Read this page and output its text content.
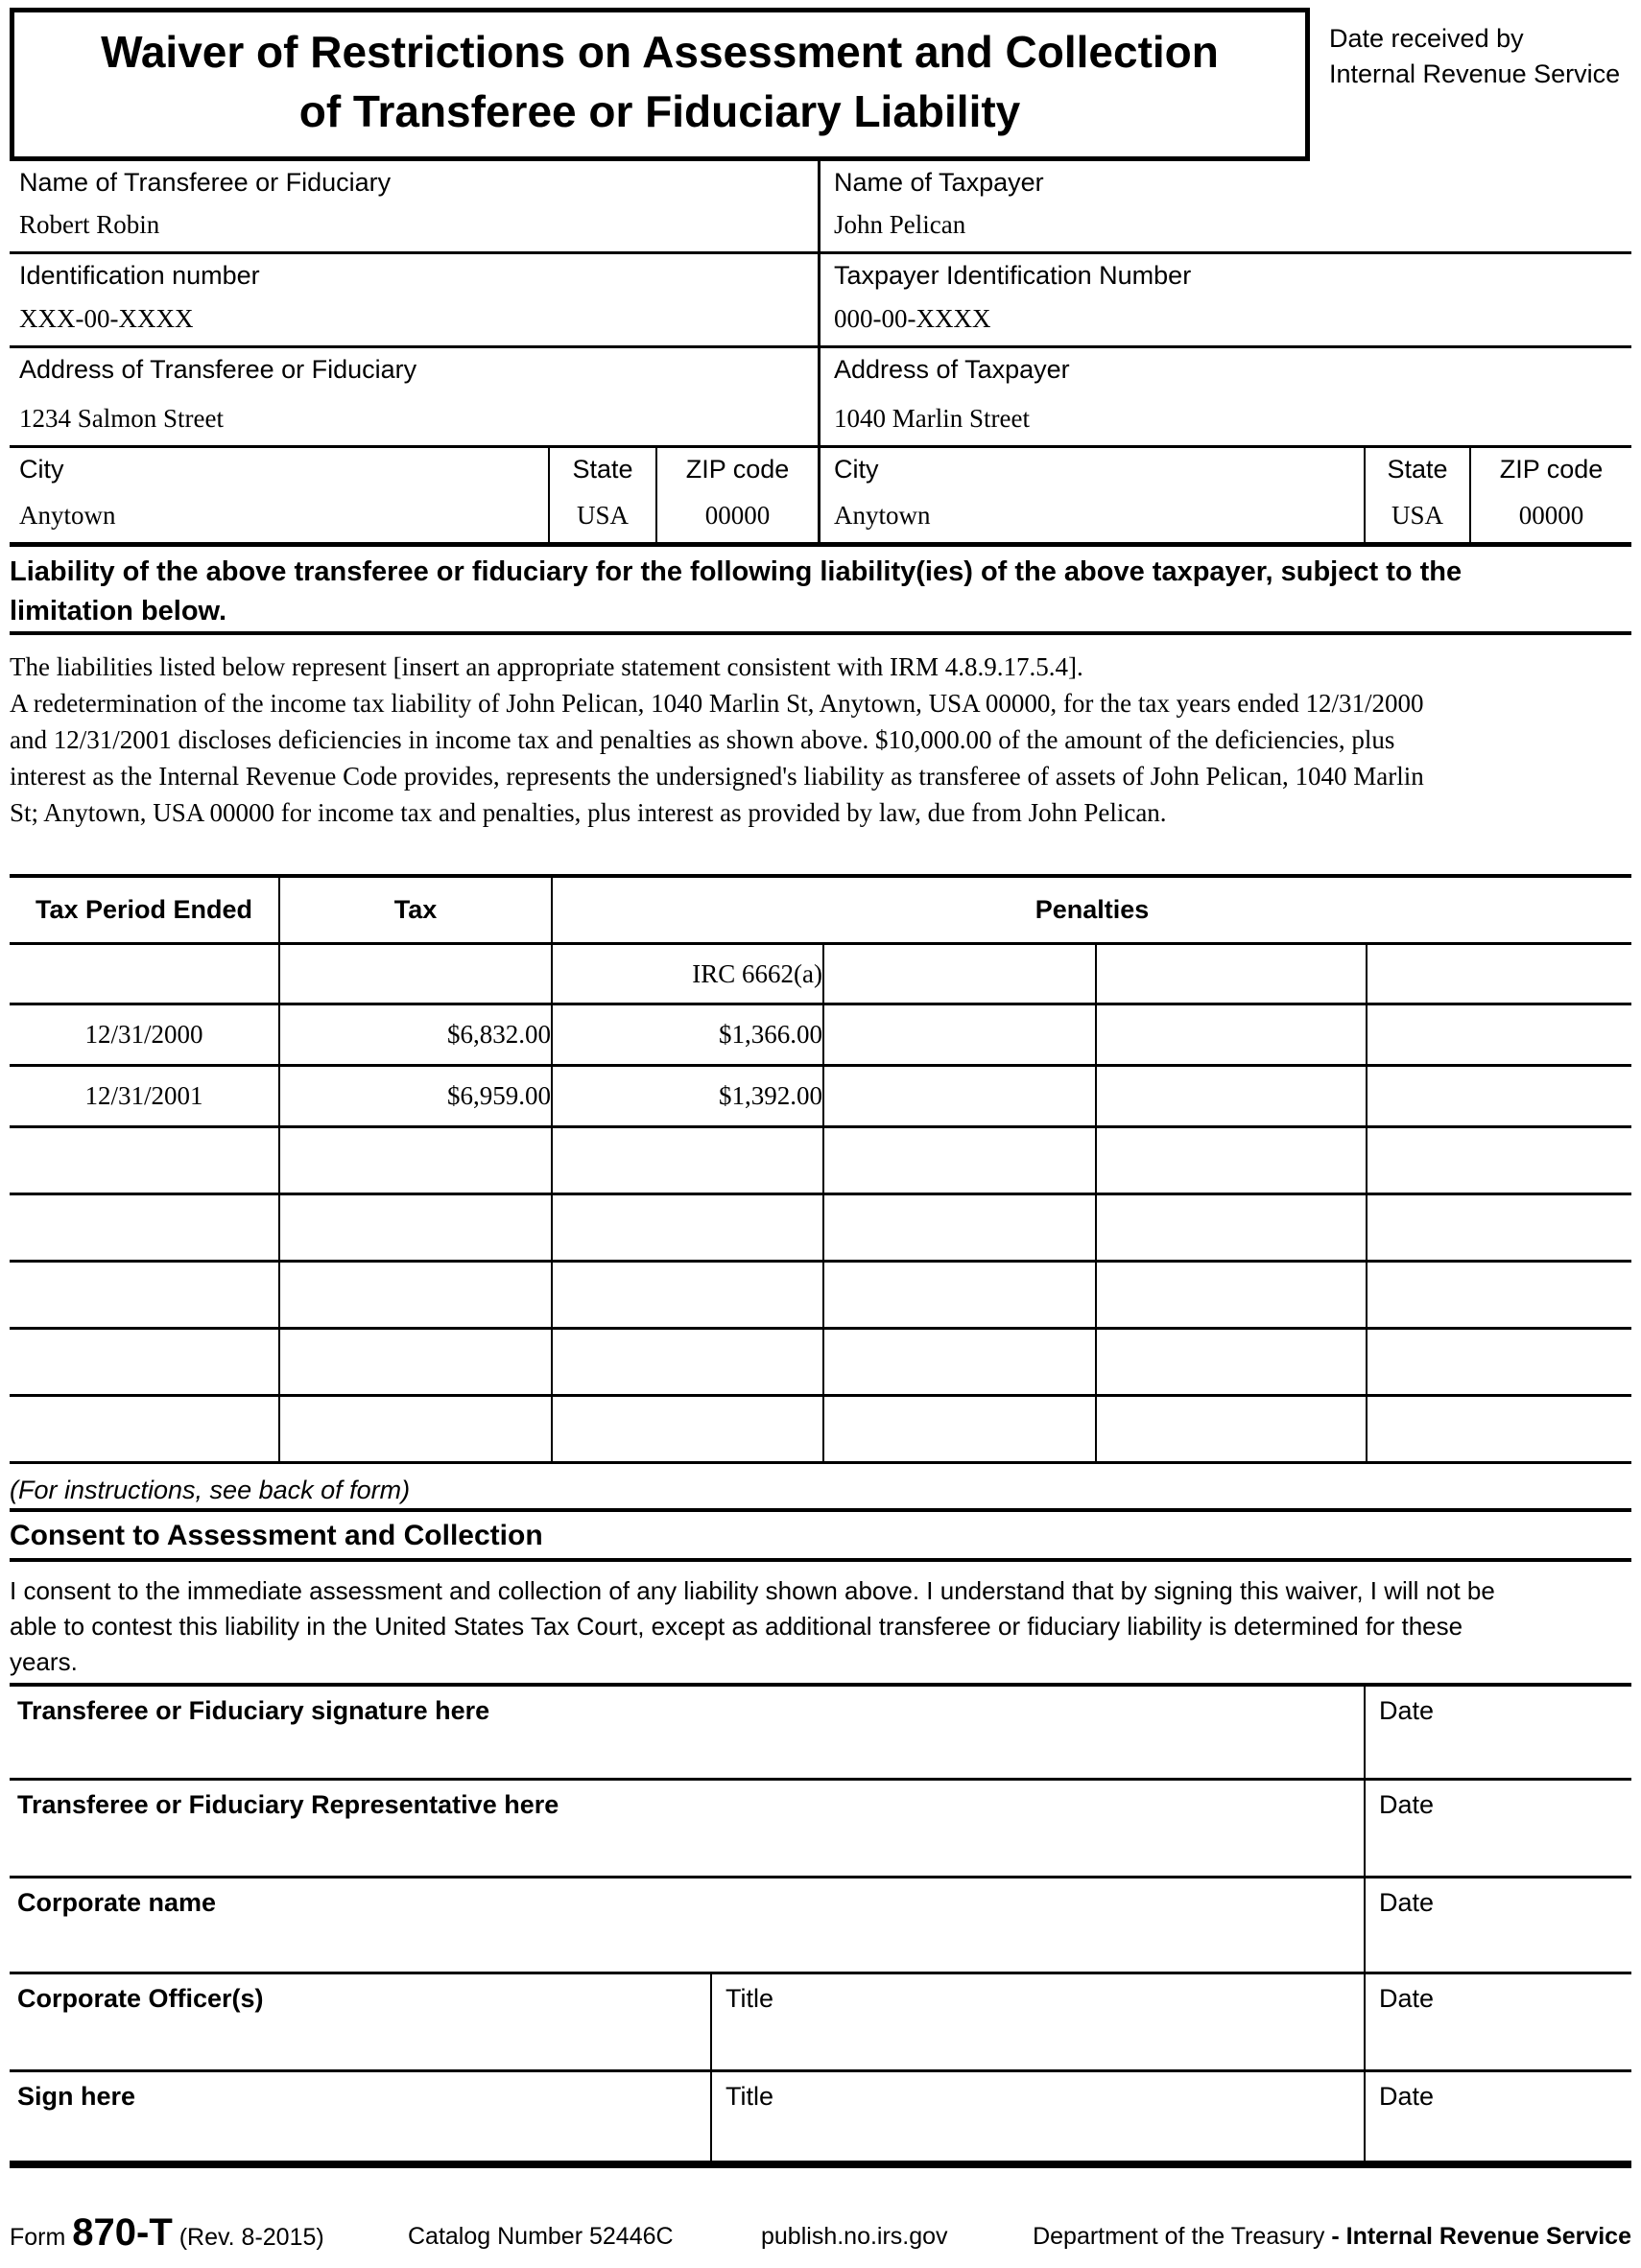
Waiver of Restrictions on Assessment and Collection
of Transferee or Fiduciary Liability
Date received by
Internal Revenue Service
Name of Transferee or Fiduciary
Robert Robin
Name of Taxpayer
John Pelican
Identification number
XXX-00-XXXX
Taxpayer Identification Number
000-00-XXXX
Address of Transferee or Fiduciary
1234 Salmon Street
Address of Taxpayer
1040 Marlin Street
City
Anytown
State
USA
ZIP code
00000
City
Anytown
State
USA
ZIP code
00000
Liability of the above transferee or fiduciary for the following liability(ies) of the above taxpayer, subject to the
limitation below.
The liabilities listed below represent [insert an appropriate statement consistent with IRM 4.8.9.17.5.4].
A redetermination of the income tax liability of John Pelican, 1040 Marlin St, Anytown, USA 00000, for the tax years ended 12/31/2000
and 12/31/2001 discloses deficiencies in income tax and penalties as shown above. $10,000.00 of the amount of the deficiencies, plus
interest as the Internal Revenue Code provides, represents the undersigned's liability as transferee of assets of John Pelican, 1040 Marlin
St; Anytown, USA 00000 for income tax and penalties, plus interest as provided by law, due from John Pelican.
Tax Period Ended	Tax	Penalties			
		IRC 6662(a)			
12/31/2000	$6,832.00	$1,366.00			
12/31/2001	$6,959.00	$1,392.00			

(For instructions, see back of form)
Consent to Assessment and Collection
I consent to the immediate assessment and collection of any liability shown above. I understand that by signing this waiver, I will not be
able to contest this liability in the United States Tax Court, except as additional transferee or fiduciary liability is determined for these
years.
Transferee or Fiduciary signature here	Date
Transferee or Fiduciary Representative here	Date
Corporate name	Date
Corporate Officer(s)	Title	Date
Sign here	Title	Date
Form 870-T (Rev. 8-2015)	Catalog Number 52446C	publish.no.irs.gov	Department of the Treasury - Internal Revenue Service
